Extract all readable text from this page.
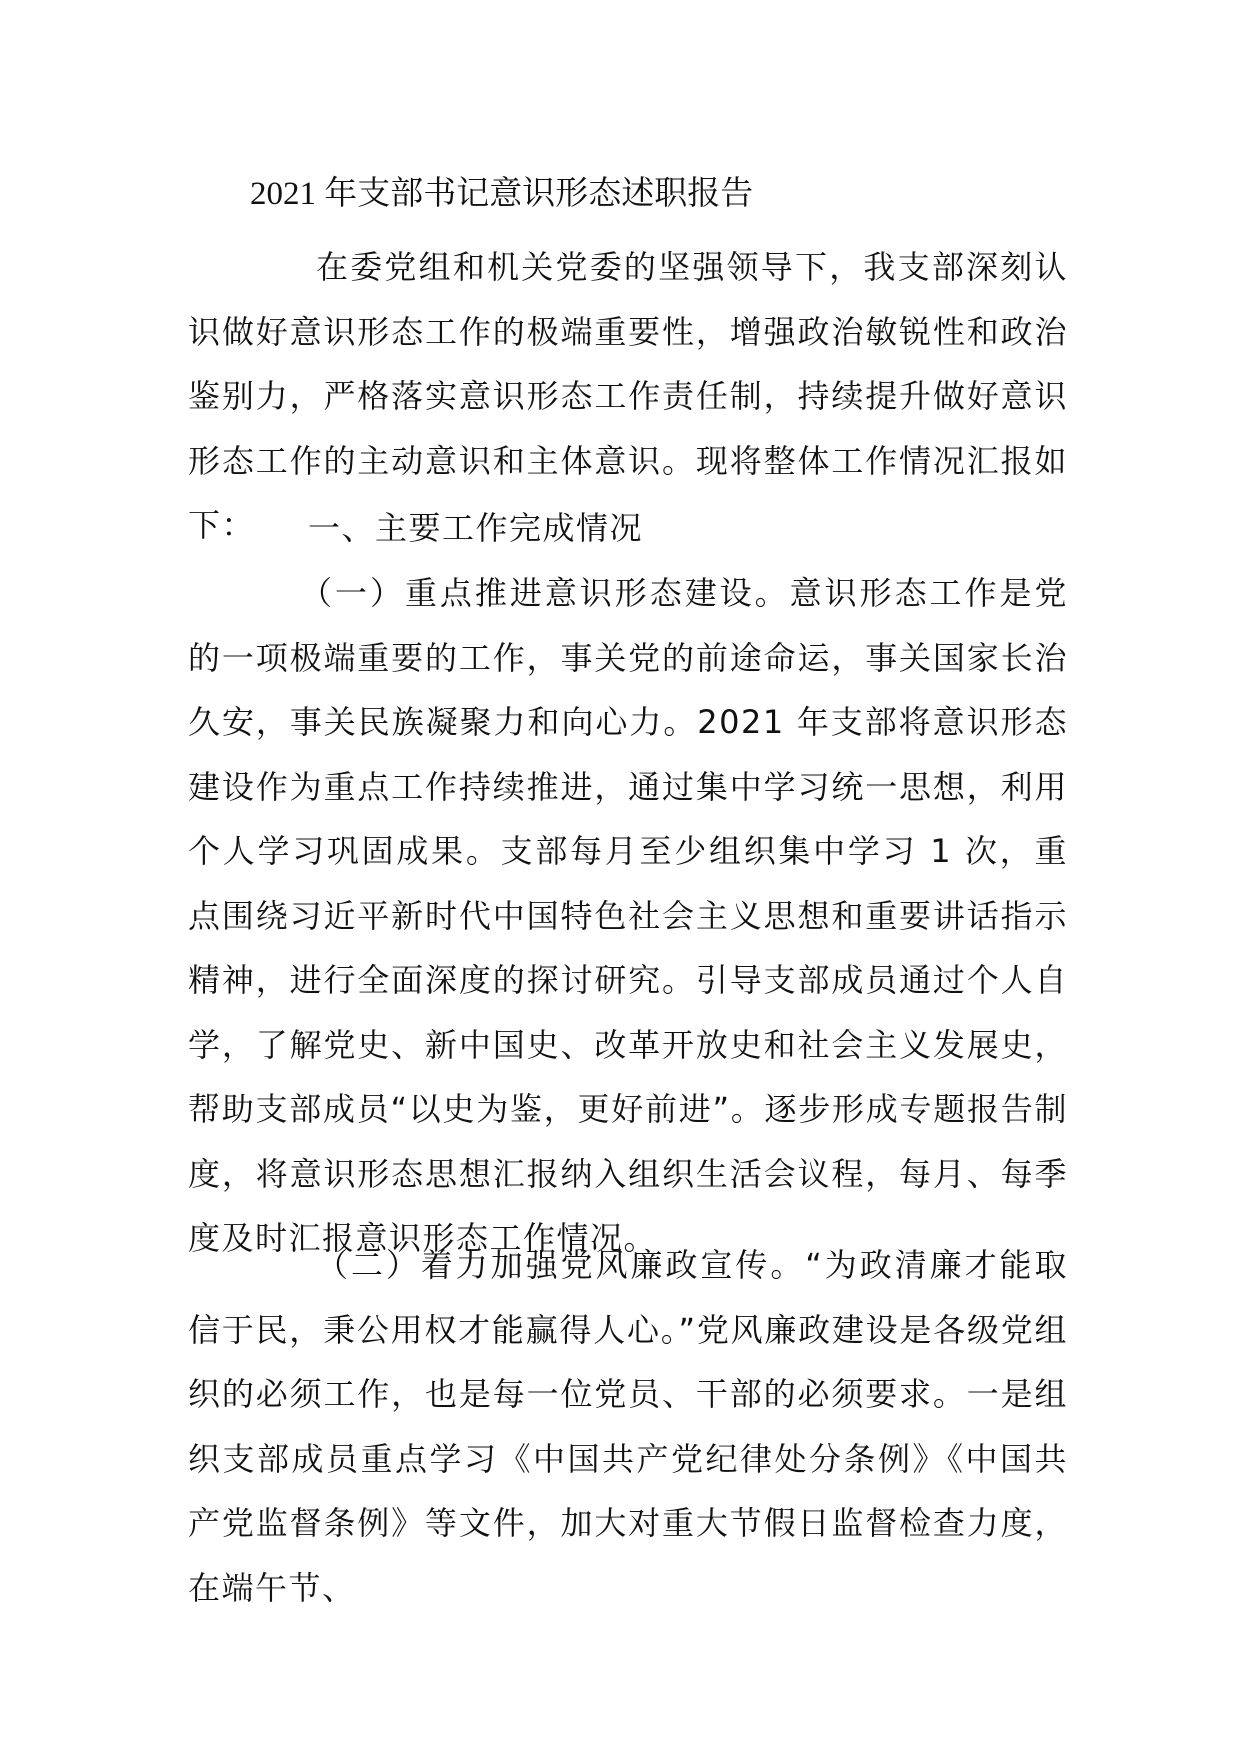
2021 年支部书记意识形态述职报告

在委党组和机关党委的坚强领导下，我支部深刻认识做好意识形态工作的极端重要性，增强政治敏锐性和政治鉴别力，严格落实意识形态工作责任制，持续提升做好意识形态工作的主动意识和主体意识。现将整体工作情况汇报如下：	一、主要工作完成情况

（一）重点推进意识形态建设。意识形态工作是党的一项极端重要的工作，事关党的前途命运，事关国家长治久安，事关民族凝聚力和向心力。2021 年支部将意识形态建设作为重点工作持续推进，通过集中学习统一思想，利用个人学习巩固成果。支部每月至少组织集中学习 1 次，重点围绕习近平新时代中国特色社会主义思想和重要讲话指示精神，进行全面深度的探讨研究。引导支部成员通过个人自学，了解党史、新中国史、改革开放史和社会主义发展史，帮助支部成员“以史为鉴，更好前进”。逐步形成专题报告制度，将意识形态思想汇报纳入组织生活会议程，每月、每季度及时汇报意识形态工作情况。

（二）着力加强党风廉政宣传。“为政清廉才能取信于民，秉公用权才能赢得人心。”党风廉政建设是各级党组织的必须工作，也是每一位党员、干部的必须要求。一是组织支部成员重点学习《中国共产党纪律处分条例》《中国共产党监督条例》等文件，加大对重大节假日监督检查力度，在端午节、
